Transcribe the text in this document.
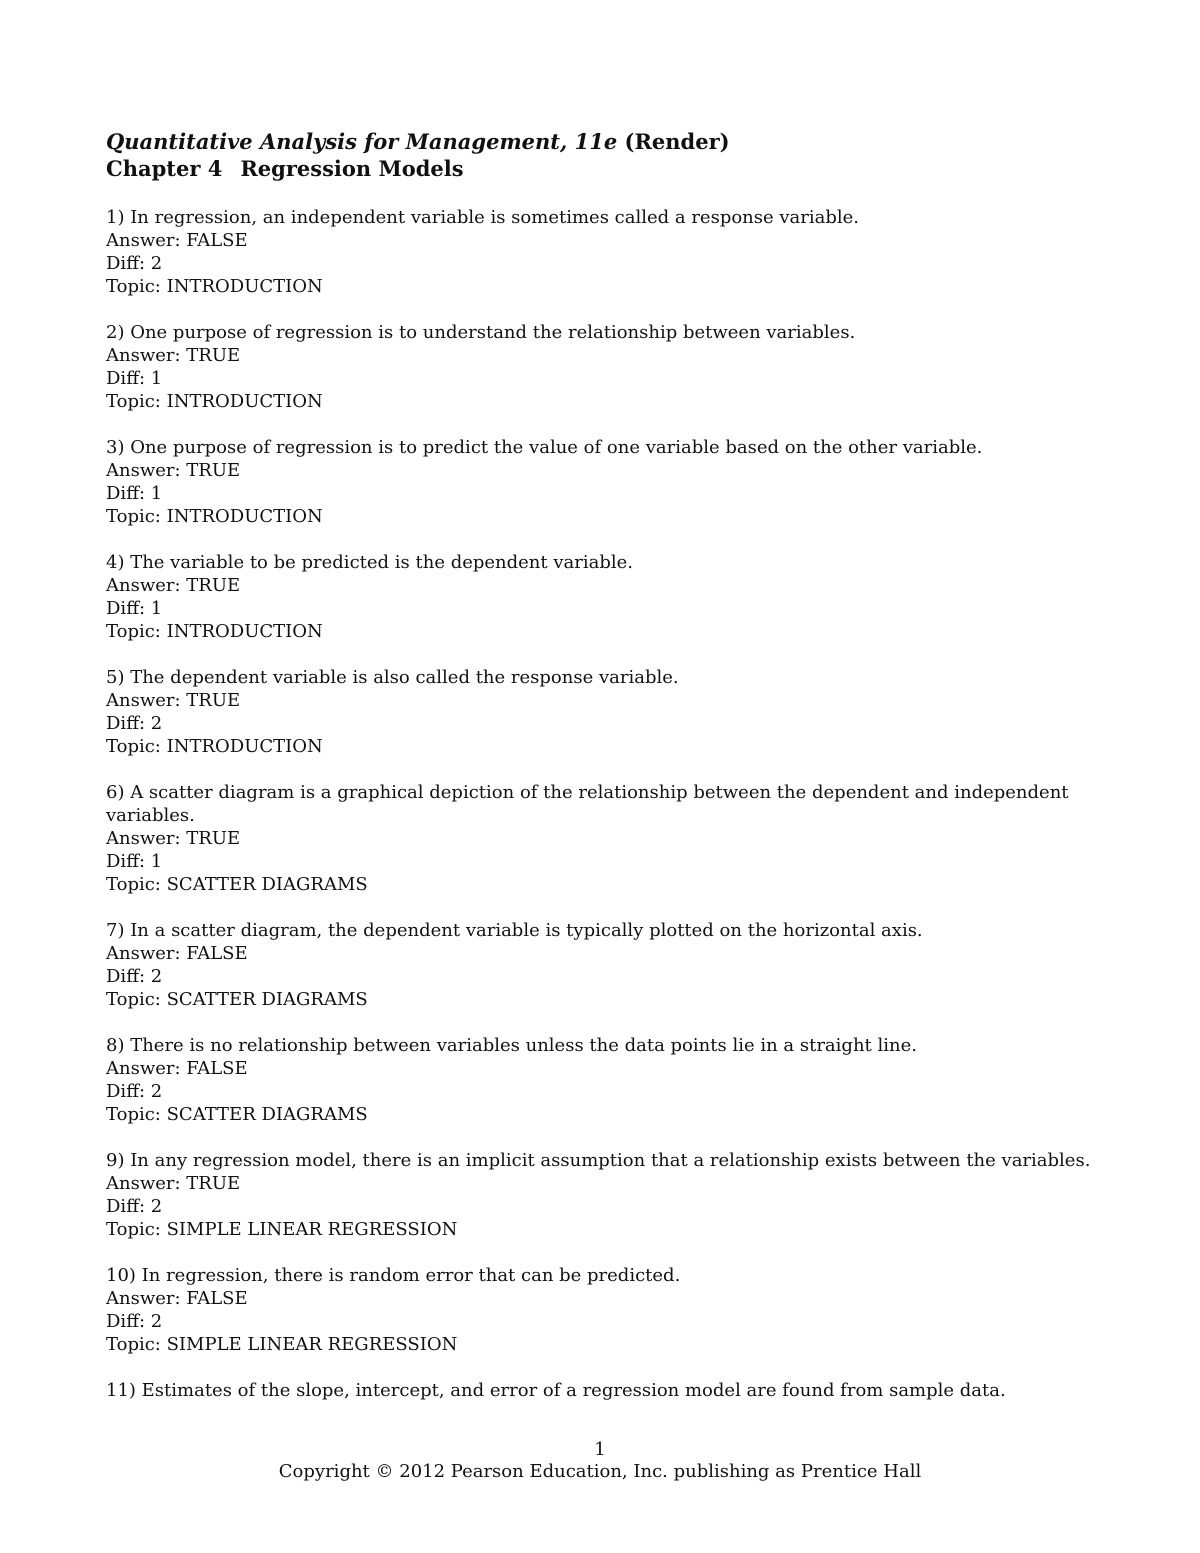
Quantitative Analysis for Management, 11e (Render)
Chapter 4 Regression Models
1) In regression, an independent variable is sometimes called a response variable.
Answer: FALSE
Diff: 2
Topic: INTRODUCTION
2) One purpose of regression is to understand the relationship between variables.
Answer: TRUE
Diff: 1
Topic: INTRODUCTION
3) One purpose of regression is to predict the value of one variable based on the other variable.
Answer: TRUE
Diff: 1
Topic: INTRODUCTION
4) The variable to be predicted is the dependent variable.
Answer: TRUE
Diff: 1
Topic: INTRODUCTION
5) The dependent variable is also called the response variable.
Answer: TRUE
Diff: 2
Topic: INTRODUCTION
6) A scatter diagram is a graphical depiction of the relationship between the dependent and independent variables.
Answer: TRUE
Diff: 1
Topic: SCATTER DIAGRAMS
7) In a scatter diagram, the dependent variable is typically plotted on the horizontal axis.
Answer: FALSE
Diff: 2
Topic: SCATTER DIAGRAMS
8) There is no relationship between variables unless the data points lie in a straight line.
Answer: FALSE
Diff: 2
Topic: SCATTER DIAGRAMS
9) In any regression model, there is an implicit assumption that a relationship exists between the variables.
Answer: TRUE
Diff: 2
Topic: SIMPLE LINEAR REGRESSION
10) In regression, there is random error that can be predicted.
Answer: FALSE
Diff: 2
Topic: SIMPLE LINEAR REGRESSION
11) Estimates of the slope, intercept, and error of a regression model are found from sample data.
1
Copyright © 2012 Pearson Education, Inc. publishing as Prentice Hall
